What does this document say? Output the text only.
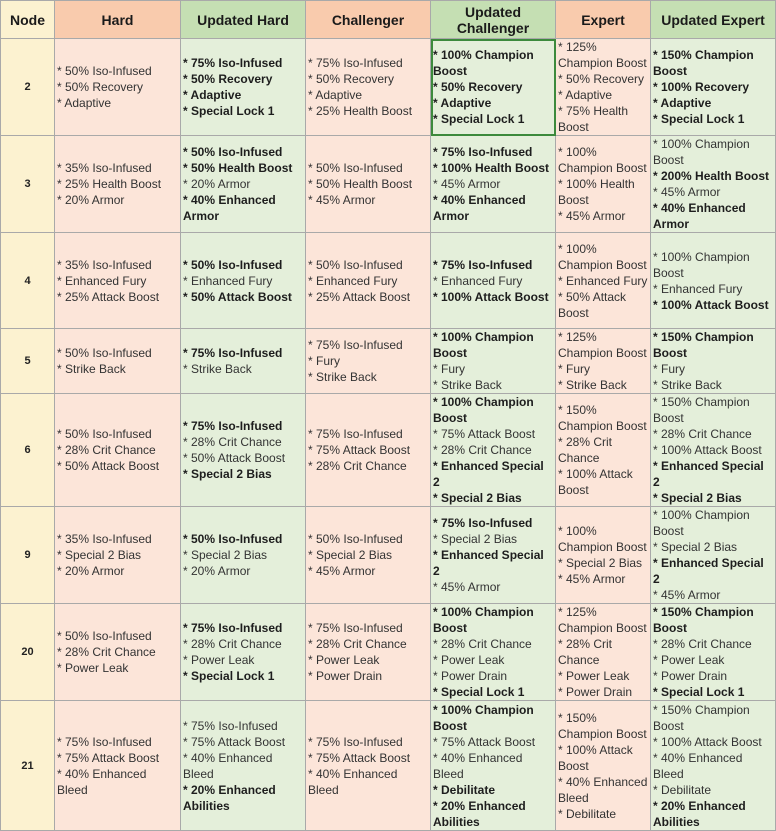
Node	Hard	Updated Hard	Challenger	Updated Challenger	Expert	Updated Expert
2	* 50% Iso-Infused
* 50% Recovery
* Adaptive	* 75% Iso-Infused
* 50% Recovery
* Adaptive
* Special Lock 1	* 75% Iso-Infused
* 50% Recovery
* Adaptive
* 25% Health Boost	* 100% Champion Boost
* 50% Recovery
* Adaptive
* Special Lock 1	* 125% Champion Boost
* 50% Recovery
* Adaptive
* 75% Health Boost	* 150% Champion Boost
* 100% Recovery
* Adaptive
* Special Lock 1

3	* 35% Iso-Infused
* 25% Health Boost
* 20% Armor	* 50% Iso-Infused
* 50% Health Boost
* 20% Armor
* 40% Enhanced Armor	* 50% Iso-Infused
* 50% Health Boost
* 45% Armor	* 75% Iso-Infused
* 100% Health Boost
* 45% Armor
* 40% Enhanced Armor	* 100% Champion Boost
* 100% Health Boost
* 45% Armor	* 100% Champion Boost
* 200% Health Boost
* 45% Armor
* 40% Enhanced Armor

4	* 35% Iso-Infused
* Enhanced Fury
* 25% Attack Boost	* 50% Iso-Infused
* Enhanced Fury
* 50% Attack Boost	* 50% Iso-Infused
* Enhanced Fury
* 25% Attack Boost	* 75% Iso-Infused
* Enhanced Fury
* 100% Attack Boost	* 100% Champion Boost
* Enhanced Fury
* 50% Attack Boost	* 100% Champion Boost
* Enhanced Fury
* 100% Attack Boost

5	* 50% Iso-Infused
* Strike Back	* 75% Iso-Infused
* Strike Back	* 75% Iso-Infused
* Fury
* Strike Back	* 100% Champion Boost
* Fury
* Strike Back	* 125% Champion Boost
* Fury
* Strike Back	* 150% Champion Boost
* Fury
* Strike Back

6	* 50% Iso-Infused
* 28% Crit Chance
* 50% Attack Boost	* 75% Iso-Infused
* 28% Crit Chance
* 50% Attack Boost
* Special 2 Bias	* 75% Iso-Infused
* 75% Attack Boost
* 28% Crit Chance	* 100% Champion Boost
* 75% Attack Boost
* 28% Crit Chance
* Enhanced Special 2
* Special 2 Bias	* 150% Champion Boost
* 28% Crit Chance
* 100% Attack Boost	* 150% Champion Boost
* 28% Crit Chance
* 100% Attack Boost
* Enhanced Special 2
* Special 2 Bias

9	* 35% Iso-Infused
* Special 2 Bias
* 20% Armor	* 50% Iso-Infused
* Special 2 Bias
* 20% Armor	* 50% Iso-Infused
* Special 2 Bias
* 45% Armor	* 75% Iso-Infused
* Special 2 Bias
* Enhanced Special 2
* 45% Armor	* 100% Champion Boost
* Special 2 Bias
* 45% Armor	* 100% Champion Boost
* Special 2 Bias
* Enhanced Special 2
* 45% Armor

20	* 50% Iso-Infused
* 28% Crit Chance
* Power Leak	* 75% Iso-Infused
* 28% Crit Chance
* Power Leak
* Special Lock 1	* 75% Iso-Infused
* 28% Crit Chance
* Power Leak
* Power Drain	* 100% Champion Boost
* 28% Crit Chance
* Power Leak
* Power Drain
* Special Lock 1	* 125% Champion Boost
* 28% Crit Chance
* Power Leak
* Power Drain	* 150% Champion Boost
* 28% Crit Chance
* Power Leak
* Power Drain
* Special Lock 1

21	* 75% Iso-Infused
* 75% Attack Boost
* 40% Enhanced Bleed	* 75% Iso-Infused
* 75% Attack Boost
* 40% Enhanced Bleed
* 20% Enhanced Abilities	* 75% Iso-Infused
* 75% Attack Boost
* 40% Enhanced Bleed	* 100% Champion Boost
* 75% Attack Boost
* 40% Enhanced Bleed
* Debilitate
* 20% Enhanced Abilities	* 150% Champion Boost
* 100% Attack Boost
* 40% Enhanced Bleed
* Debilitate	* 150% Champion Boost
* 100% Attack Boost
* 40% Enhanced Bleed
* Debilitate
* 20% Enhanced Abilities
